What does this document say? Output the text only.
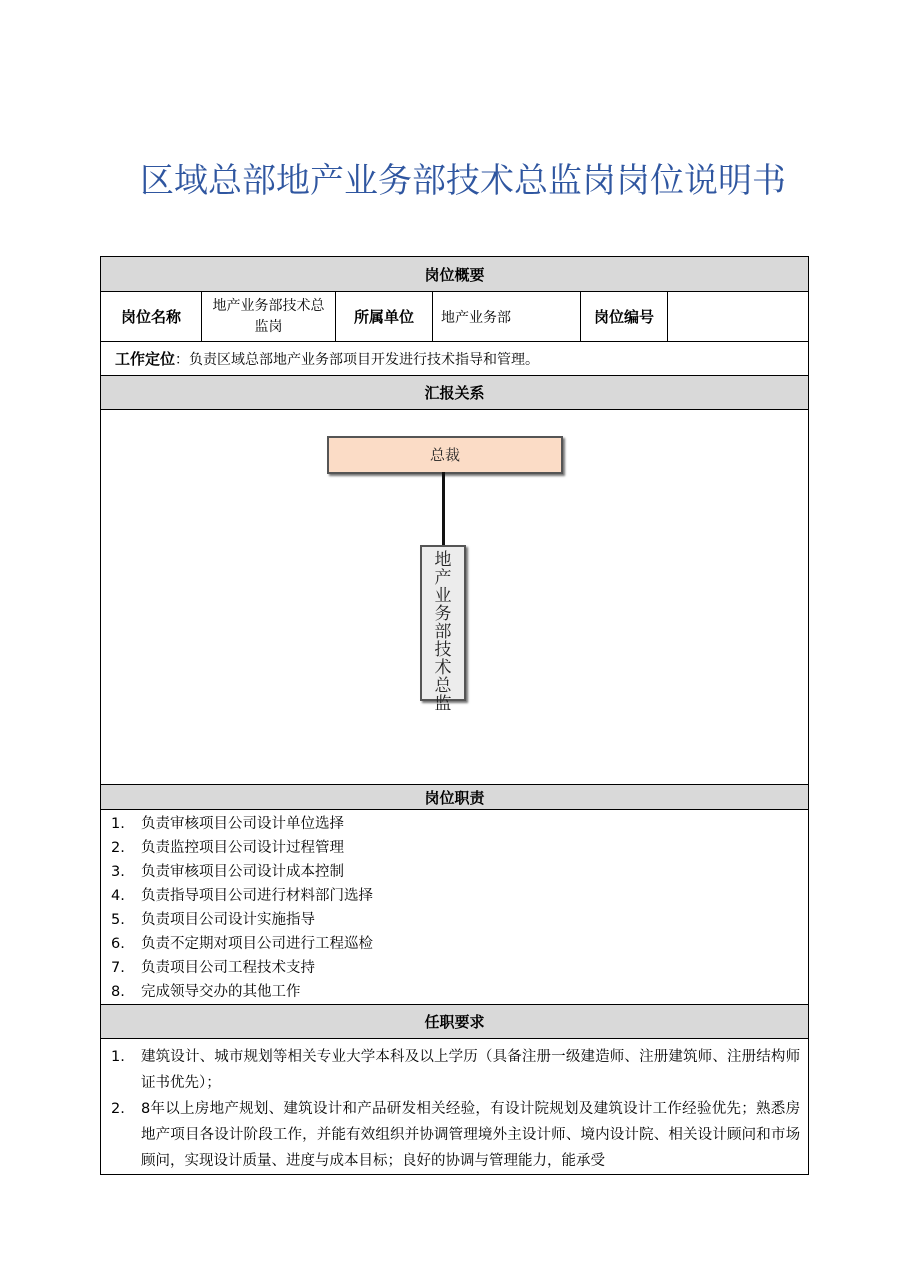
区域总部地产业务部技术总监岗岗位说明书
岗位概要
岗位名称	地产业务部技术总监岗	所属单位	地产业务部	岗位编号	
工作定位：负责区域总部地产业务部项目开发进行技术指导和管理。
汇报关系

总裁
地产业务部技术总监

岗位职责

1. 负责审核项目公司设计单位选择
2. 负责监控项目公司设计过程管理
3. 负责审核项目公司设计成本控制
4. 负责指导项目公司进行材料部门选择
5. 负责项目公司设计实施指导
6. 负责不定期对项目公司进行工程巡检
7. 负责项目公司工程技术支持
8. 完成领导交办的其他工作

任职要求

1. 建筑设计、城市规划等相关专业大学本科及以上学历（具备注册一级建造师、注册建筑师、注册结构师证书优先）；
2. 8年以上房地产规划、建筑设计和产品研发相关经验，有设计院规划及建筑设计工作经验优先；熟悉房地产项目各设计阶段工作，并能有效组织并协调管理境外主设计师、境内设计院、相关设计顾问和市场顾问，实现设计质量、进度与成本目标；良好的协调与管理能力，能承受
